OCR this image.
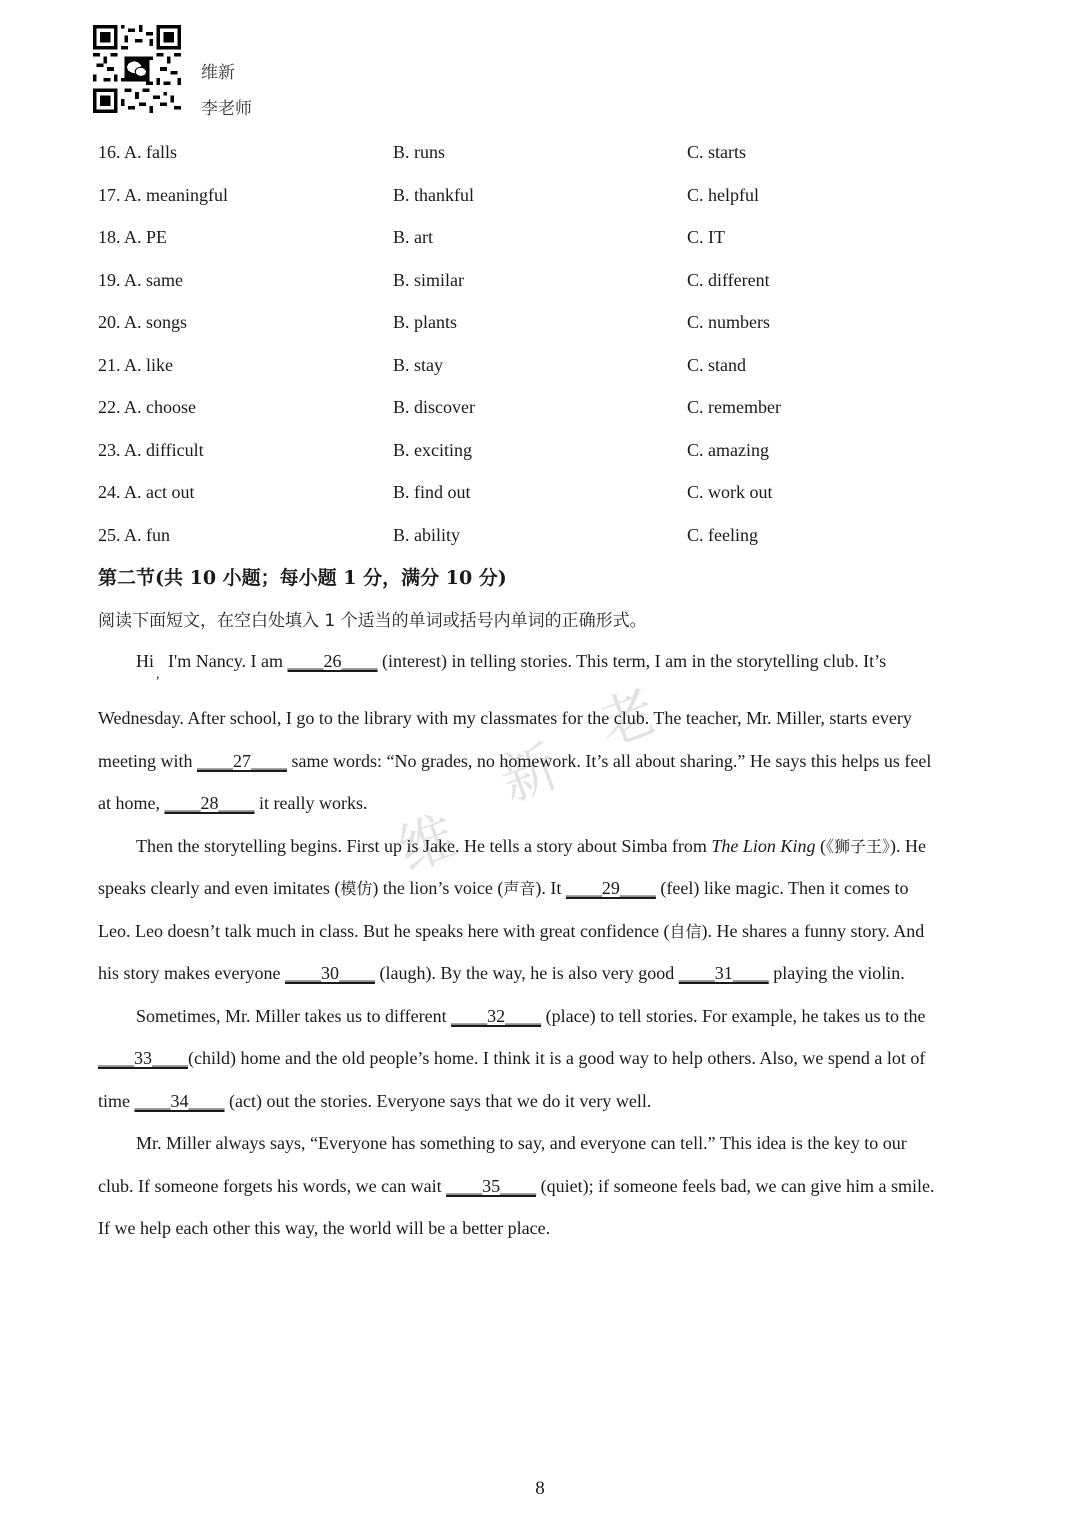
维新
李老师
16. A. falls	B. runs	C. starts
17. A. meaningful	B. thankful	C. helpful
18. A. PE	B. art	C. IT
19. A. same	B. similar	C. different
20. A. songs	B. plants	C. numbers
21. A. like	B. stay	C. stand
22. A. choose	B. discover	C. remember
23. A. difficult	B. exciting	C. amazing
24. A. act out	B. find out	C. work out
25. A. fun	B. ability	C. feeling
第二节(共 10 小题；每小题 1 分，满分 10 分)
阅读下面短文，在空白处填入 1 个适当的单词或括号内单词的正确形式。
维
新
老
Hi I'm Nancy. I am ____26____ (interest) in telling stories. This term, I am in the storytelling club. It’s
,
Wednesday. After school, I go to the library with my classmates for the club. The teacher, Mr. Miller, starts every
meeting with ____27____ same words: “No grades, no homework. It’s all about sharing.” He says this helps us feel
at home, ____28____ it really works.
Then the storytelling begins. First up is Jake. He tells a story about Simba from The Lion King (《狮子王》). He
speaks clearly and even imitates (模仿) the lion’s voice (声音). It ____29____ (feel) like magic. Then it comes to
Leo. Leo doesn’t talk much in class. But he speaks here with great confidence (自信). He shares a funny story. And
his story makes everyone ____30____ (laugh). By the way, he is also very good ____31____ playing the violin.
Sometimes, Mr. Miller takes us to different ____32____ (place) to tell stories. For example, he takes us to the
____33____(child) home and the old people’s home. I think it is a good way to help others. Also, we spend a lot of
time ____34____ (act) out the stories. Everyone says that we do it very well.
Mr. Miller always says, “Everyone has something to say, and everyone can tell.” This idea is the key to our
club. If someone forgets his words, we can wait ____35____ (quiet); if someone feels bad, we can give him a smile.
If we help each other this way, the world will be a better place.
8
